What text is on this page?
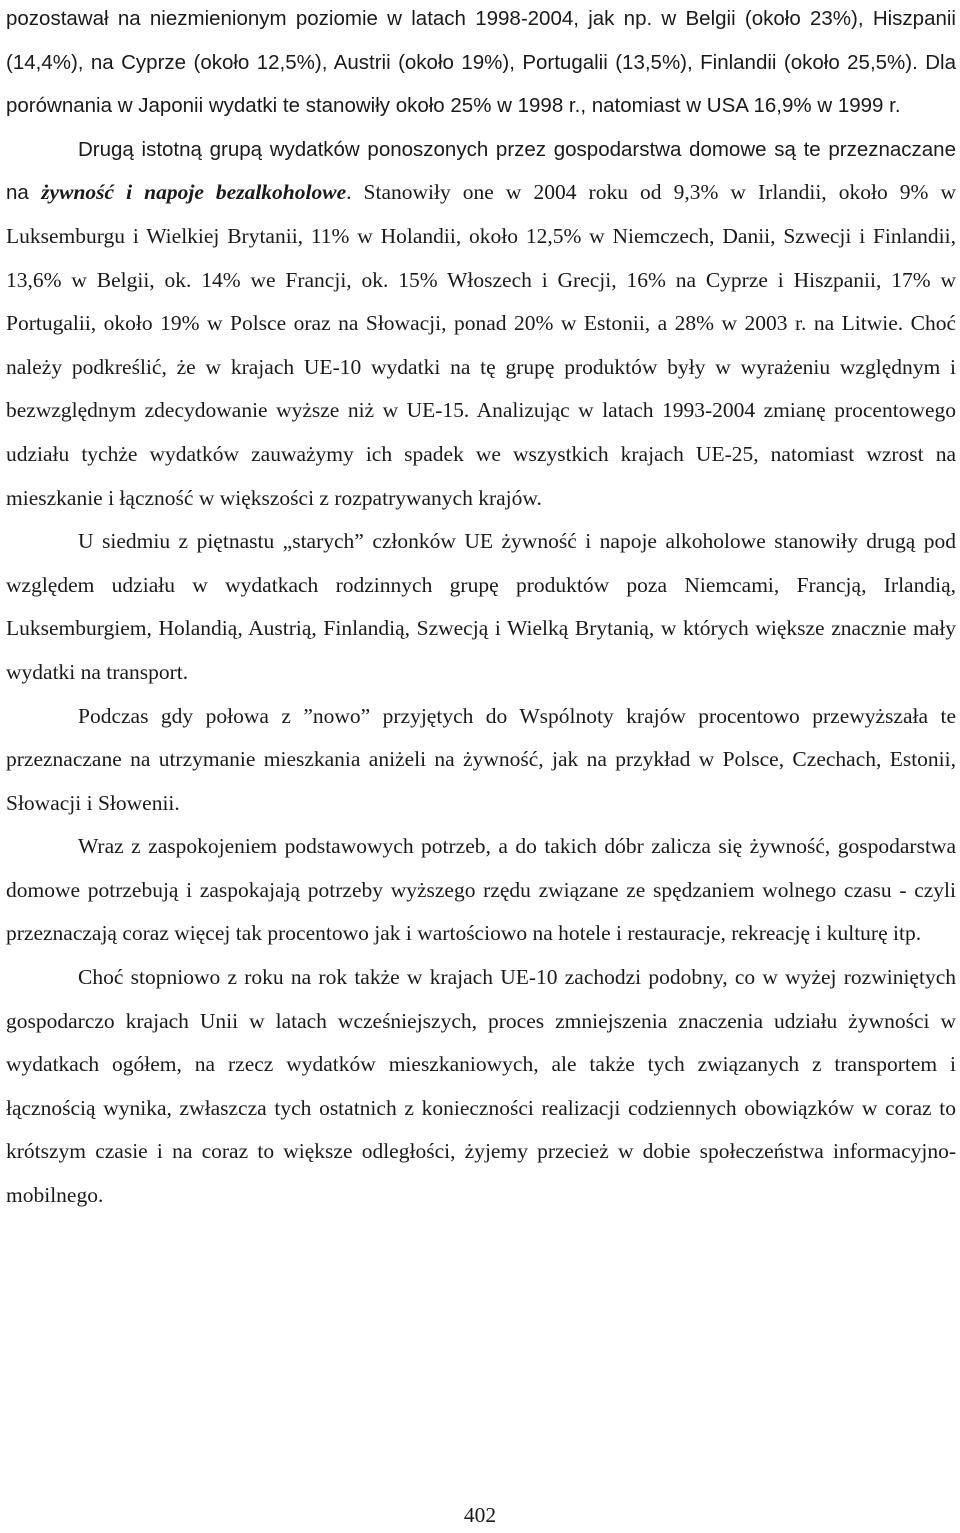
pozostawał na niezmienionym poziomie w latach 1998-2004, jak np. w Belgii (około 23%), Hiszpanii (14,4%), na Cyprze (około 12,5%), Austrii (około 19%), Portugalii (13,5%), Finlandii (około 25,5%). Dla porównania w Japonii wydatki te stanowiły około 25% w 1998 r., natomiast w USA 16,9% w 1999 r.

Drugą istotną grupą wydatków ponoszonych przez gospodarstwa domowe są te przeznaczane na żywność i napoje bezalkoholowe. Stanowiły one w 2004 roku od 9,3% w Irlandii, około 9% w Luksemburgu i Wielkiej Brytanii, 11% w Holandii, około 12,5% w Niemczech, Danii, Szwecji i Finlandii, 13,6% w Belgii, ok. 14% we Francji, ok. 15% Włoszech i Grecji, 16% na Cyprze i Hiszpanii, 17% w Portugalii, około 19% w Polsce oraz na Słowacji, ponad 20% w Estonii, a 28% w 2003 r. na Litwie. Choć należy podkreślić, że w krajach UE-10 wydatki na tę grupę produktów były w wyrażeniu względnym i bezwzględnym zdecydowanie wyższe niż w UE-15. Analizując w latach 1993-2004 zmianę procentowego udziału tychże wydatków zauważymy ich spadek we wszystkich krajach UE-25, natomiast wzrost na mieszkanie i łączność w większości z rozpatrywanych krajów.

U siedmiu z piętnastu „starych” członków UE żywność i napoje alkoholowe stanowiły drugą pod względem udziału w wydatkach rodzinnych grupę produktów poza Niemcami, Francją, Irlandią, Luksemburgiem, Holandią, Austrią, Finlandią, Szwecją i Wielką Brytanią, w których większe znacznie mały wydatki na transport.

Podczas gdy połowa z ”nowo” przyjętych do Wspólnoty krajów procentowo przewyższała te przeznaczane na utrzymanie mieszkania aniżeli na żywność, jak na przykład w Polsce, Czechach, Estonii, Słowacji i Słowenii.

Wraz z zaspokojeniem podstawowych potrzeb, a do takich dóbr zalicza się żywność, gospodarstwa domowe potrzebują i zaspokajają potrzeby wyższego rzędu związane ze spędzaniem wolnego czasu - czyli przeznaczają coraz więcej tak procentowo jak i wartościowo na hotele i restauracje, rekreację i kulturę itp.

Choć stopniowo z roku na rok także w krajach UE-10 zachodzi podobny, co w wyżej rozwiniętych gospodarczo krajach Unii w latach wcześniejszych, proces zmniejszenia znaczenia udziału żywności w wydatkach ogółem, na rzecz wydatków mieszkaniowych, ale także tych związanych z transportem i łącznością wynika, zwłaszcza tych ostatnich z konieczności realizacji codziennych obowiązków w coraz to krótszym czasie i na coraz to większe odległości, żyjemy przecież w dobie społeczeństwa informacyjno-mobilnego.

402
